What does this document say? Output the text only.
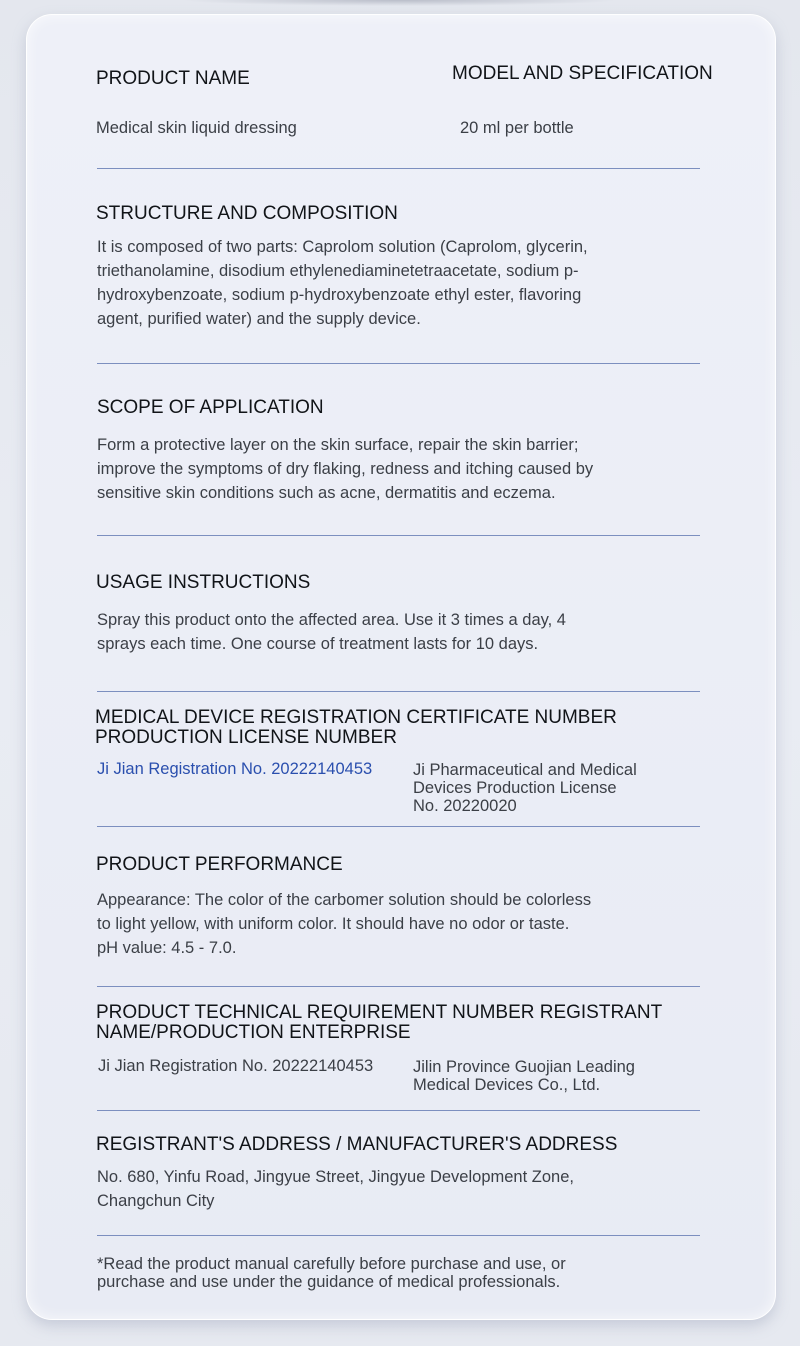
PRODUCT NAME	MODEL AND SPECIFICATION
Medical skin liquid dressing	20 ml per bottle
STRUCTURE AND COMPOSITION
It is composed of two parts: Caprolom solution (Caprolom, glycerin,
triethanolamine, disodium ethylenediaminetetraacetate, sodium p-
hydroxybenzoate, sodium p-hydroxybenzoate ethyl ester, flavoring
agent, purified water) and the supply device.
SCOPE OF APPLICATION
Form a protective layer on the skin surface, repair the skin barrier;
improve the symptoms of dry flaking, redness and itching caused by
sensitive skin conditions such as acne, dermatitis and eczema.
USAGE INSTRUCTIONS
Spray this product onto the affected area. Use it 3 times a day, 4
sprays each time. One course of treatment lasts for 10 days.
MEDICAL DEVICE REGISTRATION CERTIFICATE NUMBER
PRODUCTION LICENSE NUMBER
Ji Jian Registration No. 20222140453 Ji Pharmaceutical and Medical
Devices Production License
No. 20220020
PRODUCT PERFORMANCE
Appearance: The color of the carbomer solution should be colorless
to light yellow, with uniform color. It should have no odor or taste.
pH value: 4.5 - 7.0.
PRODUCT TECHNICAL REQUIREMENT NUMBER REGISTRANT
NAME/PRODUCTION ENTERPRISE
Ji Jian Registration No. 20222140453 Jilin Province Guojian Leading
Medical Devices Co., Ltd.
REGISTRANT'S ADDRESS / MANUFACTURER'S ADDRESS
No. 680, Yinfu Road, Jingyue Street, Jingyue Development Zone,
Changchun City
*Read the product manual carefully before purchase and use, or
purchase and use under the guidance of medical professionals.
